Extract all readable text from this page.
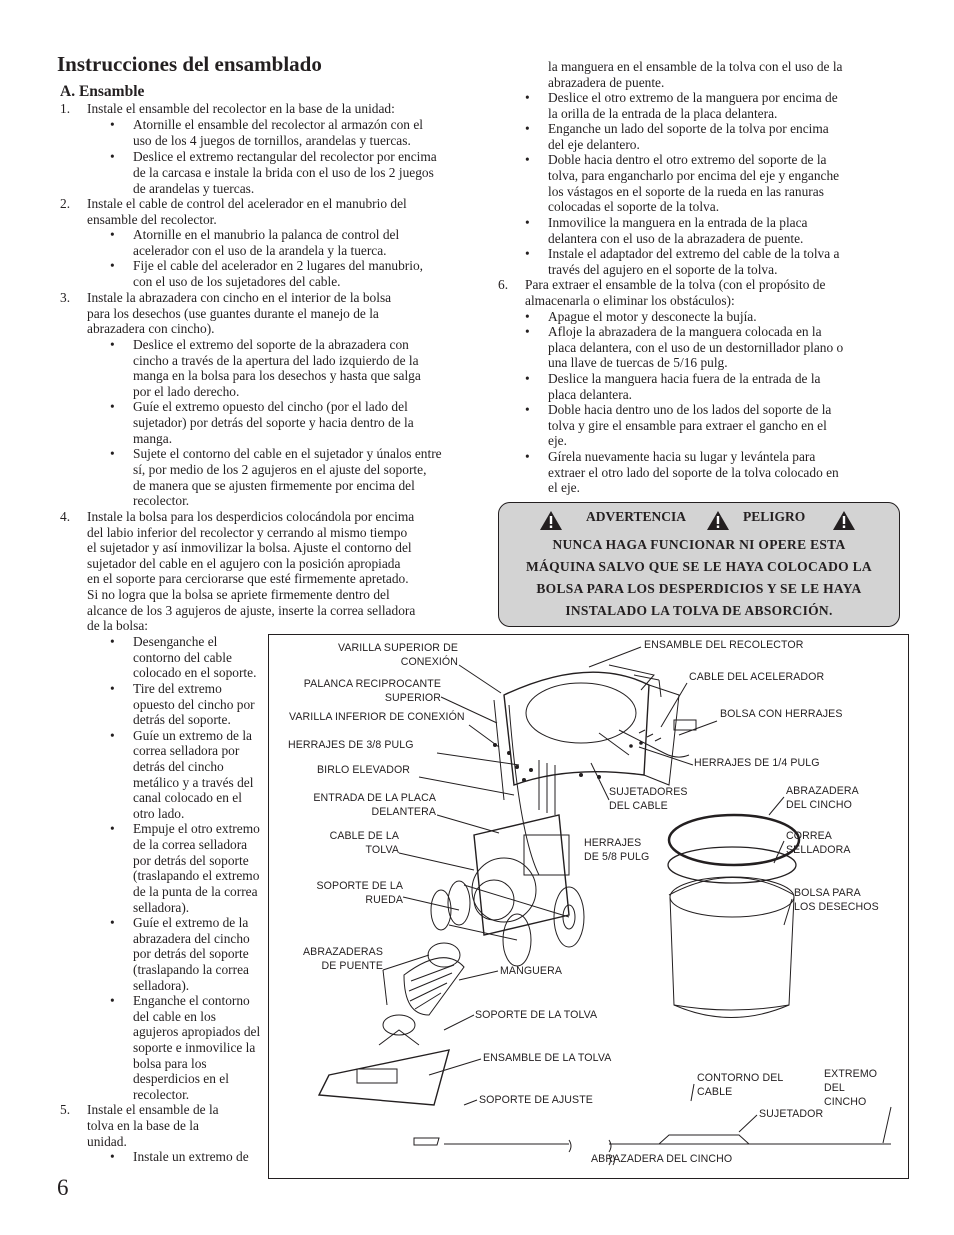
Instrucciones del ensamblado
A. Ensamble
1. Instale el ensamble del recolector en la base de la unidad:
• Atornille el ensamble del recolector al armazón con el
uso de los 4 juegos de tornillos, arandelas y tuercas.
• Deslice el extremo rectangular del recolector por encima
de la carcasa e instale la brida con el uso de los 2 juegos
de arandelas y tuercas.
2. Instale el cable de control del acelerador en el manubrio del
ensamble del recolector.
• Atornille en el manubrio la palanca de control del
acelerador con el uso de la arandela y la tuerca.
• Fije el cable del acelerador en 2 lugares del manubrio,
con el uso de los sujetadores del cable.
3. Instale la abrazadera con cincho en el interior de la bolsa
para los desechos (use guantes durante el manejo de la
abrazadera con cincho).
• Deslice el extremo del soporte de la abrazadera con
cincho a través de la apertura del lado izquierdo de la
manga en la bolsa para los desechos y hasta que salga
por el lado derecho.
• Guíe el extremo opuesto del cincho (por el lado del
sujetador) por detrás del soporte y hacia dentro de la
manga.
• Sujete el contorno del cable en el sujetador y únalos entre
sí, por medio de los 2 agujeros en el ajuste del soporte,
de manera que se ajusten firmemente por encima del
recolector.
4. Instale la bolsa para los desperdicios colocándola por encima
del labio inferior del recolector y cerrando al mismo tiempo
el sujetador y así inmovilizar la bolsa. Ajuste el contorno del
sujetador del cable en el agujero con la posición apropiada
en el soporte para cerciorarse que esté firmemente apretado.
Si no logra que la bolsa se apriete firmemente dentro del
alcance de los 3 agujeros de ajuste, inserte la correa selladora
de la bolsa:
• Desenganche el
contorno del cable
colocado en el soporte.
• Tire del extremo
opuesto del cincho por
detrás del soporte.
• Guíe un extremo de la
correa selladora por
detrás del cincho
metálico y a través del
canal colocado en el
otro lado.
• Empuje el otro extremo
de la correa selladora
por detrás del soporte
(traslapando el extremo
de la punta de la correa
selladora).
• Guíe el extremo de la
abrazadera del cincho
por detrás del soporte
(traslapando la correa
selladora).
• Enganche el contorno
del cable en los
agujeros apropiados del
soporte e inmovilice la
bolsa para los
desperdicios en el
recolector.
5. Instale el ensamble de la
tolva en la base de la
unidad.
• Instale un extremo de
la manguera en el ensamble de la tolva con el uso de la
abrazadera de puente.
• Deslice el otro extremo de la manguera por encima de
la orilla de la entrada de la placa delantera.
• Enganche un lado del soporte de la tolva por encima
del eje delantero.
• Doble hacia dentro el otro extremo del soporte de la
tolva, para engancharlo por encima del eje y enganche
los vástagos en el soporte de la rueda en las ranuras
colocadas el soporte de la tolva.
• Inmovilice la manguera en la entrada de la placa
delantera con el uso de la abrazadera de puente.
• Instale el adaptador del extremo del cable de la tolva a
través del agujero en el soporte de la tolva.
6. Para extraer el ensamble de la tolva (con el propósito de
almacenarla o eliminar los obstáculos):
• Apague el motor y desconecte la bujía.
• Afloje la abrazadera de la manguera colocada en la
placa delantera, con el uso de un destornillador plano o
una llave de tuercas de 5/16 pulg.
• Deslice la manguera hacia fuera de la entrada de la
placa delantera.
• Doble hacia dentro uno de los lados del soporte de la
tolva y gire el ensamble para extraer el gancho en el
eje.
• Gírela nuevamente hacia su lugar y levántela para
extraer el otro lado del soporte de la tolva colocado en
el eje.
ADVERTENCIA	PELIGRO
NUNCA HAGA FUNCIONAR NI OPERE ESTA
MÁQUINA SALVO QUE SE LE HAYA COLOCADO LA
BOLSA PARA LOS DESPERDICIOS Y SE LE HAYA
INSTALADO LA TOLVA DE ABSORCIÓN.
VARILLA SUPERIOR DE
CONEXIÓN
PALANCA RECIPROCANTE
SUPERIOR
VARILLA INFERIOR DE CONEXIÓN
HERRAJES DE 3/8 PULG
BIRLO ELEVADOR
ENTRADA DE LA PLACA
DELANTERA
CABLE DE LA
TOLVA
SOPORTE DE LA
RUEDA
ABRAZADERAS
DE PUENTE
ENSAMBLE DEL RECOLECTOR
CABLE DEL ACELERADOR
BOLSA CON HERRAJES
HERRAJES DE 1/4 PULG
SUJETADORES
DEL CABLE
ABRAZADERA
DEL CINCHO
HERRAJES
DE 5/8 PULG
CORREA
SELLADORA
BOLSA PARA
LOS DESECHOS
MANGUERA
SOPORTE DE LA TOLVA
ENSAMBLE DE LA TOLVA
SOPORTE DE AJUSTE
CONTORNO DEL
CABLE
SUJETADOR
EXTREMO
DEL
CINCHO
ABRAZADERA DEL CINCHO
6
